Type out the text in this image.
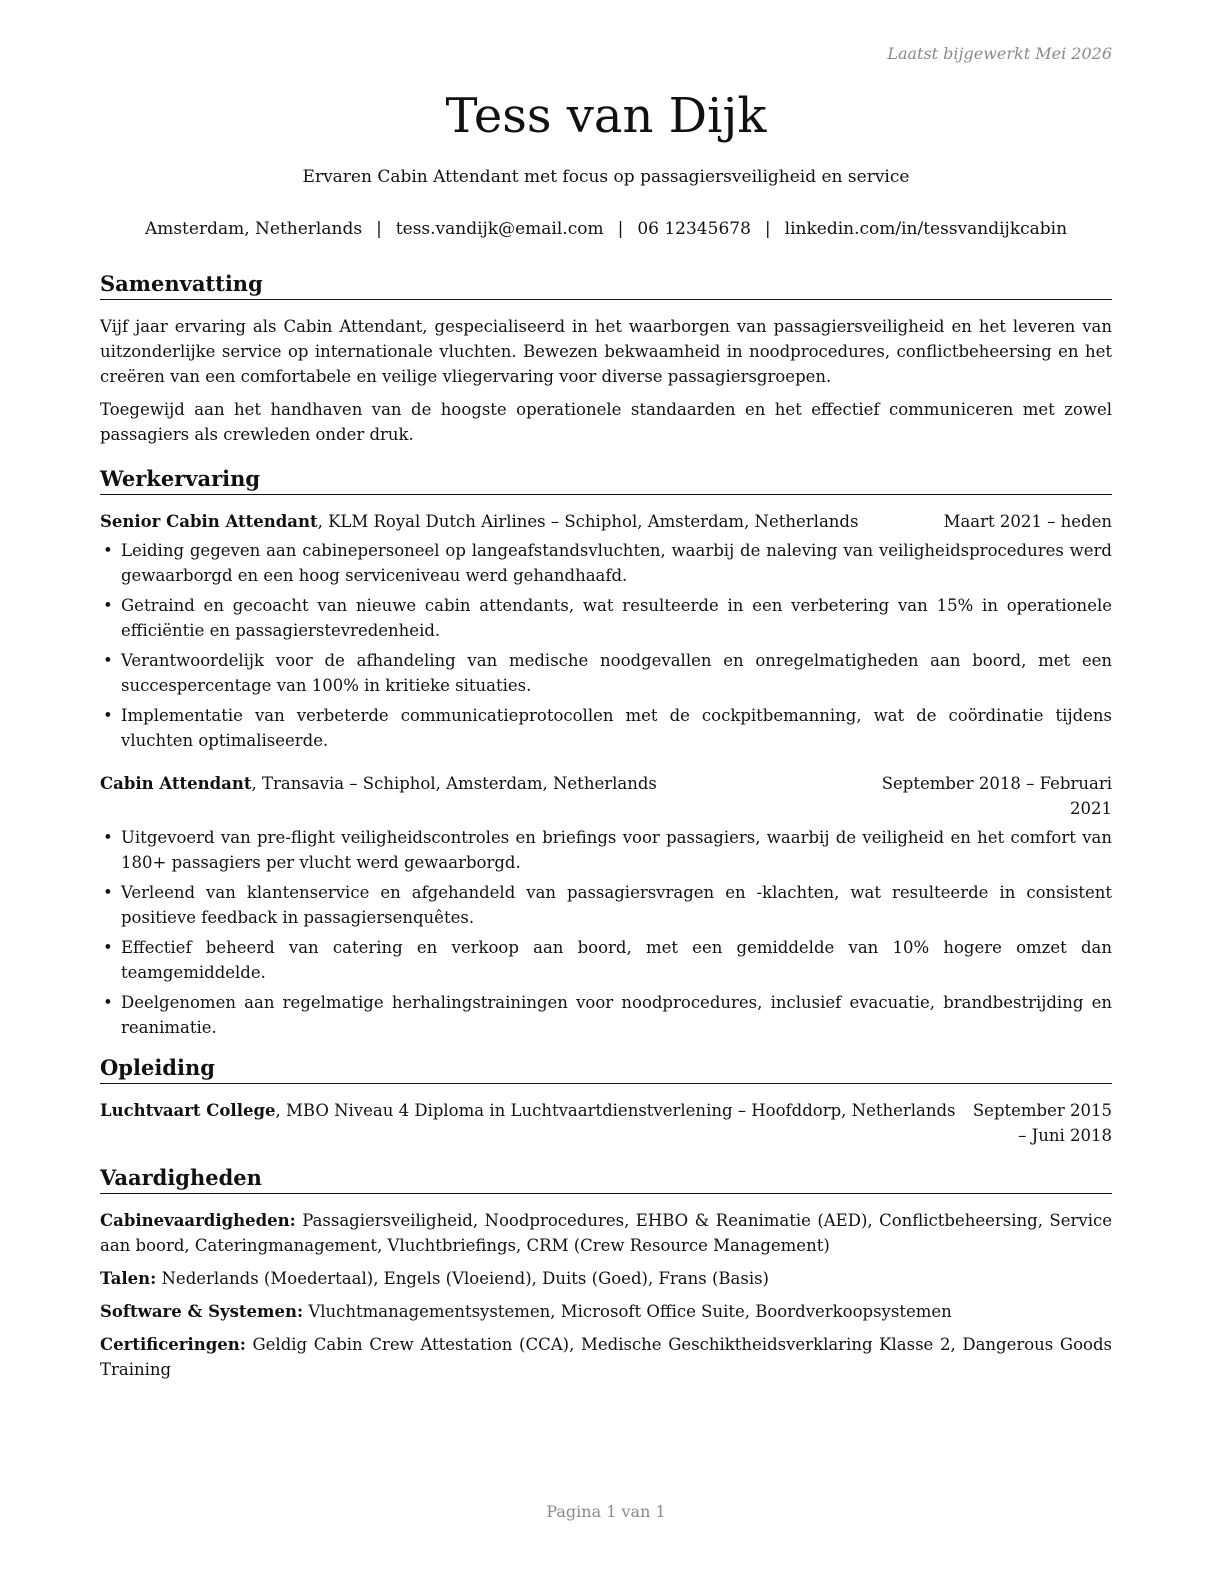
Laatst bijgewerkt Mei 2026
Tess van Dijk
Ervaren Cabin Attendant met focus op passagiersveiligheid en service
Amsterdam, Netherlands | tess.vandijk@email.com | 06 12345678 | linkedin.com/in/tessvandijkcabin
Samenvatting

Vijf jaar ervaring als Cabin Attendant, gespecialiseerd in het waarborgen van passagiersveiligheid en het leveren van uitzonderlijke service op internationale vluchten. Bewezen bekwaamheid in noodprocedures, conflictbeheersing en het creëren van een comfortabele en veilige vliegervaring voor diverse passagiersgroepen.

Toegewijd aan het handhaven van de hoogste operationele standaarden en het effectief communiceren met zowel passagiers als crewleden onder druk.

Werkervaring
Senior Cabin Attendant, KLM Royal Dutch Airlines – Schiphol, Amsterdam, Netherlands	Maart 2021 – heden
• Leiding gegeven aan cabinepersoneel op langeafstandsvluchten, waarbij de naleving van veiligheidsprocedures werd gewaarborgd en een hoog serviceniveau werd gehandhaafd.
• Getraind en gecoacht van nieuwe cabin attendants, wat resulteerde in een verbetering van 15% in operationele efficiëntie en passagierstevredenheid.
• Verantwoordelijk voor de afhandeling van medische noodgevallen en onregelmatigheden aan boord, met een succespercentage van 100% in kritieke situaties.
• Implementatie van verbeterde communicatieprotocollen met de cockpitbemanning, wat de coördinatie tijdens vluchten optimaliseerde.
Cabin Attendant, Transavia – Schiphol, Amsterdam, Netherlands	September 2018 – Februari 2021
• Uitgevoerd van pre-flight veiligheidscontroles en briefings voor passagiers, waarbij de veiligheid en het comfort van 180+ passagiers per vlucht werd gewaarborgd.
• Verleend van klantenservice en afgehandeld van passagiersvragen en -klachten, wat resulteerde in consistent positieve feedback in passagiersenquêtes.
• Effectief beheerd van catering en verkoop aan boord, met een gemiddelde van 10% hogere omzet dan teamgemiddelde.
• Deelgenomen aan regelmatige herhalingstrainingen voor noodprocedures, inclusief evacuatie, brandbestrijding en reanimatie.
Opleiding
Luchtvaart College, MBO Niveau 4 Diploma in Luchtvaartdienstverlening – Hoofddorp, Netherlands	September 2015 – Juni 2018
Vaardigheden

Cabinevaardigheden: Passagiersveiligheid, Noodprocedures, EHBO & Reanimatie (AED), Conflictbeheersing, Service aan boord, Cateringmanagement, Vluchtbriefings, CRM (Crew Resource Management)

Talen: Nederlands (Moedertaal), Engels (Vloeiend), Duits (Goed), Frans (Basis)

Software & Systemen: Vluchtmanagementsystemen, Microsoft Office Suite, Boordverkoopsystemen

Certificeringen: Geldig Cabin Crew Attestation (CCA), Medische Geschiktheidsverklaring Klasse 2, Dangerous Goods Training

Pagina 1 van 1
